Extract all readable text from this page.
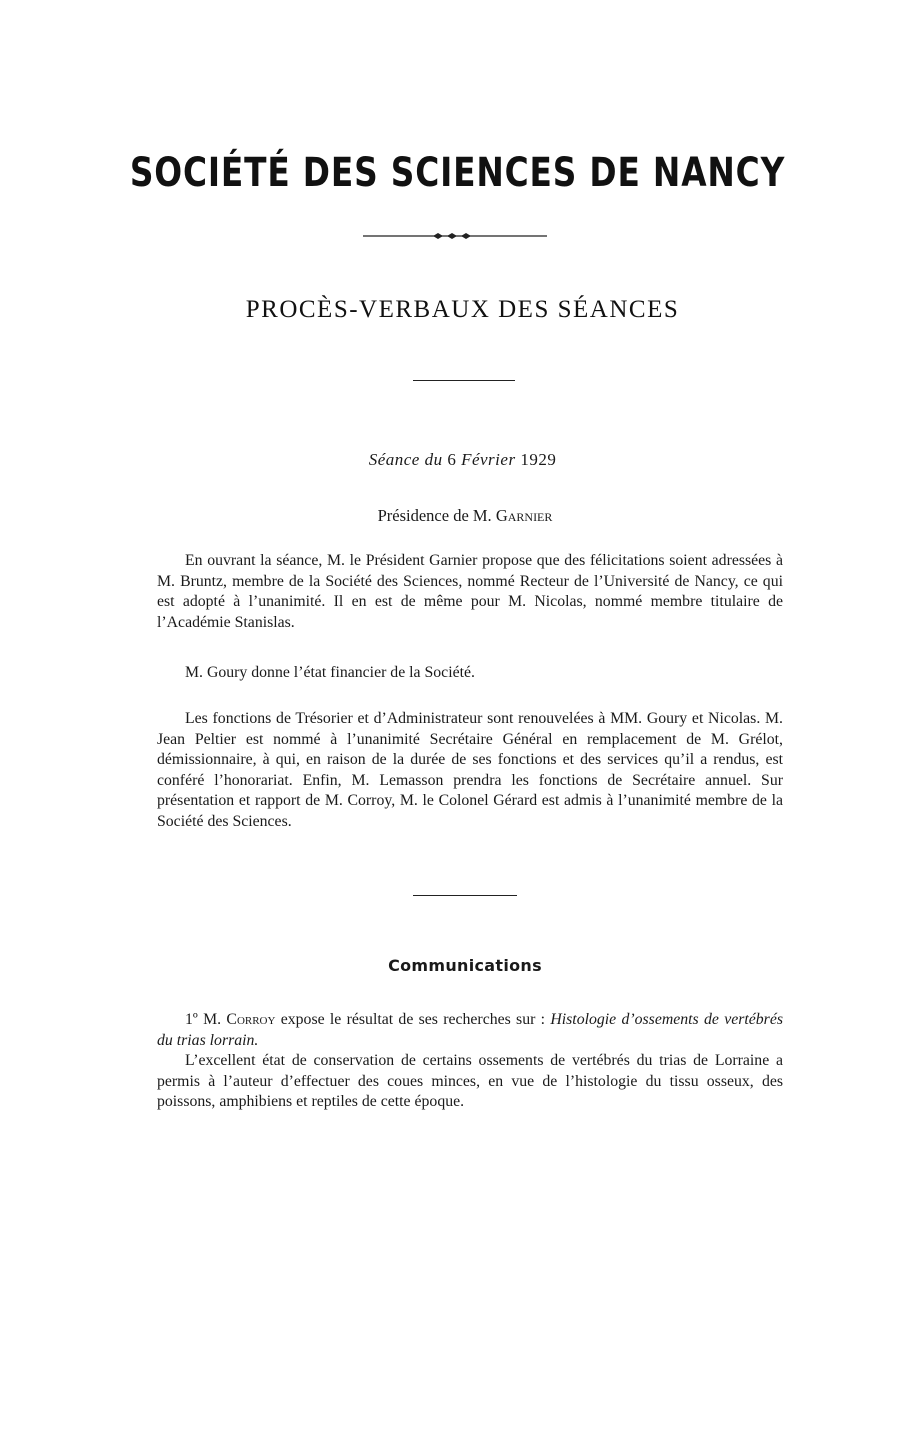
SOCIÉTÉ DES SCIENCES DE NANCY
PROCÈS-VERBAUX DES SÉANCES
Séance du 6 Février 1929
Présidence de M. Garnier

En ouvrant la séance, M. le Président Garnier propose que des félicitations soient adressées à M. Bruntz, membre de la Société des Sciences, nommé Recteur de l’Université de Nancy, ce qui est adopté à l’unanimité. Il en est de même pour M. Nicolas, nommé membre titulaire de l’Académie Stanislas.

M. Goury donne l’état financier de la Société.

Les fonctions de Trésorier et d’Administrateur sont renouvelées à MM. Goury et Nicolas. M. Jean Peltier est nommé à l’unanimité Secrétaire Général en remplacement de M. Grélot, démissionnaire, à qui, en raison de la durée de ses fonctions et des services qu’il a rendus, est conféré l’honorariat. Enfin, M. Lemasson prendra les fonctions de Secrétaire annuel. Sur présentation et rapport de M. Corroy, M. le Colonel Gérard est admis à l’unanimité membre de la Société des Sciences.

Communications

1º M. Corroy expose le résultat de ses recherches sur : Histologie d’ossements de vertébrés du trias lorrain.

L’excellent état de conservation de certains ossements de vertébrés du trias de Lorraine a permis à l’auteur d’effectuer des coues minces, en vue de l’histologie du tissu osseux, des poissons, amphibiens et reptiles de cette époque.
